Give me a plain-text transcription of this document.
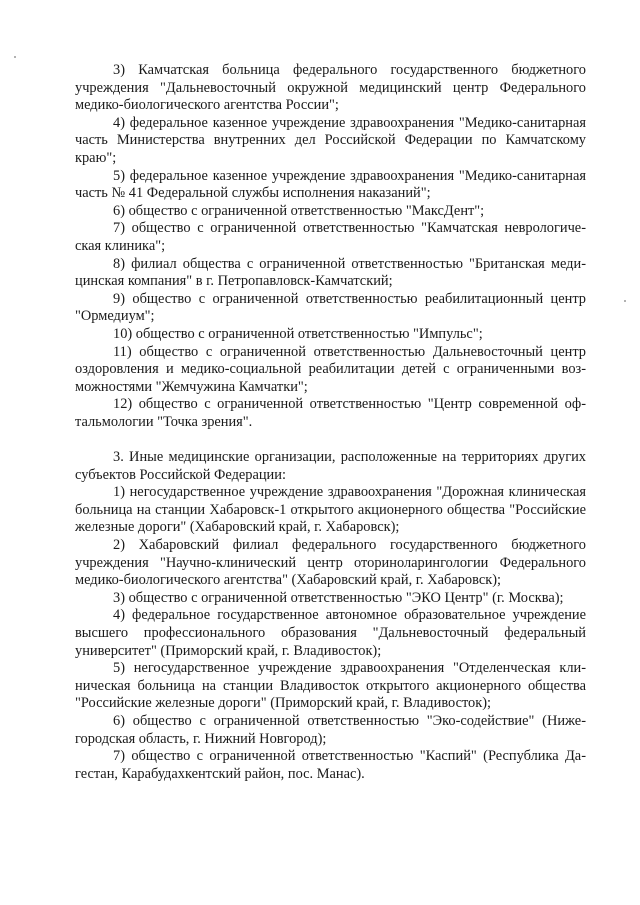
3) Камчатская больница федерального государственного бюджетного учреждения "Дальневосточный окружной медицинский центр Федерального медико-биологического агентства России";

4) федеральное казенное учреждение здравоохранения "Медико-санитарная часть Министерства внутренних дел Российской Федерации по Камчатскому краю";

5) федеральное казенное учреждение здравоохранения "Медико-санитарная часть № 41 Федеральной службы исполнения наказаний";

6) общество с ограниченной ответственностью "МаксДент";

7) общество с ограниченной ответственностью "Камчатская неврологическая клиника";

8) филиал общества с ограниченной ответственностью "Британская медицинская компания" в г. Петропавловск-Камчатский;

9) общество с ограниченной ответственностью реабилитационный центр "Ормедиум";

10) общество с ограниченной ответственностью "Импульс";

11) общество с ограниченной ответственностью Дальневосточный центр оздоровления и медико-социальной реабилитации детей с ограниченными возможностями "Жемчужина Камчатки";

12) общество с ограниченной ответственностью "Центр современной офтальмологии "Точка зрения".

3. Иные медицинские организации, расположенные на территориях других субъектов Российской Федерации:

1) негосударственное учреждение здравоохранения "Дорожная клиническая больница на станции Хабаровск-1 открытого акционерного общества "Российские железные дороги" (Хабаровский край, г. Хабаровск);

2) Хабаровский филиал федерального государственного бюджетного учреждения "Научно-клинический центр оториноларингологии Федерального медико-биологического агентства" (Хабаровский край, г. Хабаровск);

3) общество с ограниченной ответственностью "ЭКО Центр" (г. Москва);

4) федеральное государственное автономное образовательное учреждение высшего профессионального образования "Дальневосточный федеральный университет" (Приморский край, г. Владивосток);

5) негосударственное учреждение здравоохранения "Отделенческая клиническая больница на станции Владивосток открытого акционерного общества "Российские железные дороги" (Приморский край, г. Владивосток);

6) общество с ограниченной ответственностью "Эко-содействие" (Нижегородская область, г. Нижний Новгород);

7) общество с ограниченной ответственностью "Каспий" (Республика Дагестан, Карабудахкентский район, пос. Манас).
